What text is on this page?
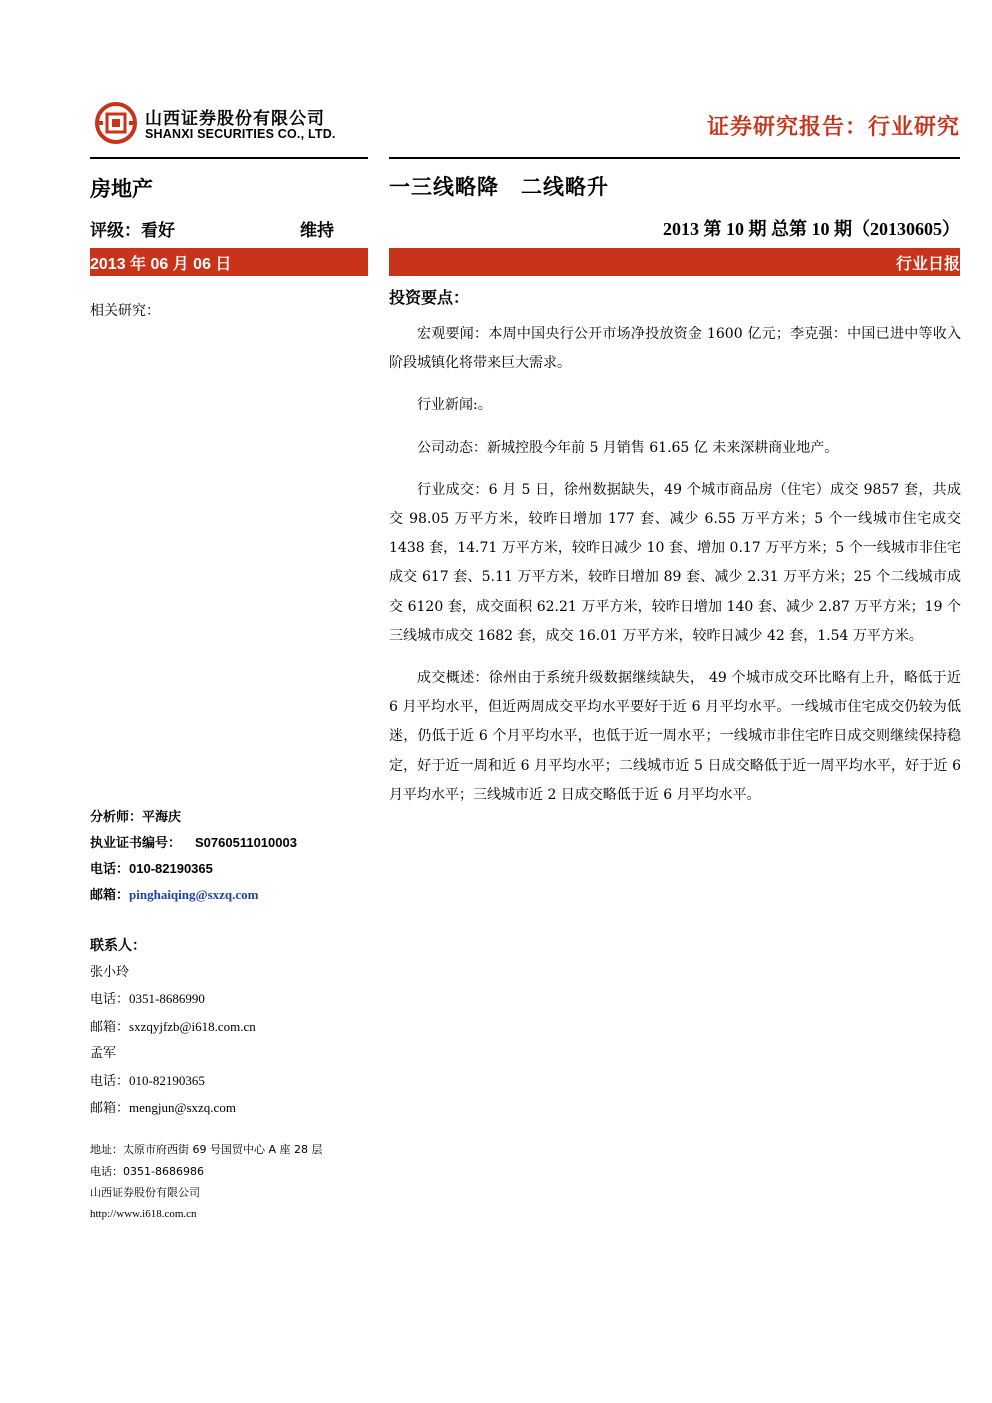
山西证券股份有限公司
SHANXI SECURITIES CO., LTD.	证券研究报告：行业研究
房地产
评级：看好	维持
2013 年 06 月 06 日
相关研究：
分析师：平海庆
执业证书编号： S0760511010003
电话：010-82190365
邮箱：pinghaiqing@sxzq.com
联系人：
张小玲
电话：0351-8686990
邮箱：sxzqyjfzb@i618.com.cn
孟军
电话：010-82190365
邮箱：mengjun@sxzq.com
地址：太原市府西街 69 号国贸中心 A 座 28 层
电话：0351-8686986
山西证券股份有限公司
http://www.i618.com.cn
一三线略降　二线略升
2013 第 10 期 总第 10 期（20130605）
行业日报
投资要点：

宏观要闻：本周中国央行公开市场净投放资金 1600 亿元；李克强：中国已进中等收入阶段城镇化将带来巨大需求。

行业新闻:。

公司动态：新城控股今年前 5 月销售 61.65 亿 未来深耕商业地产。

行业成交：6 月 5 日，徐州数据缺失，49 个城市商品房（住宅）成交 9857 套，共成交 98.05 万平方米，较昨日增加 177 套、减少 6.55 万平方米；5 个一线城市住宅成交 1438 套，14.71 万平方米，较昨日减少 10 套、增加 0.17 万平方米；5 个一线城市非住宅成交 617 套、5.11 万平方米，较昨日增加 89 套、减少 2.31 万平方米；25 个二线城市成交 6120 套，成交面积 62.21 万平方米，较昨日增加 140 套、减少 2.87 万平方米；19 个三线城市成交 1682 套，成交 16.01 万平方米，较昨日减少 42 套，1.54 万平方米。

成交概述：徐州由于系统升级数据继续缺失， 49 个城市成交环比略有上升，略低于近 6 月平均水平，但近两周成交平均水平要好于近 6 月平均水平。一线城市住宅成交仍较为低迷，仍低于近 6 个月平均水平，也低于近一周水平；一线城市非住宅昨日成交则继续保持稳定，好于近一周和近 6 月平均水平；二线城市近 5 日成交略低于近一周平均水平，好于近 6 月平均水平；三线城市近 2 日成交略低于近 6 月平均水平。
